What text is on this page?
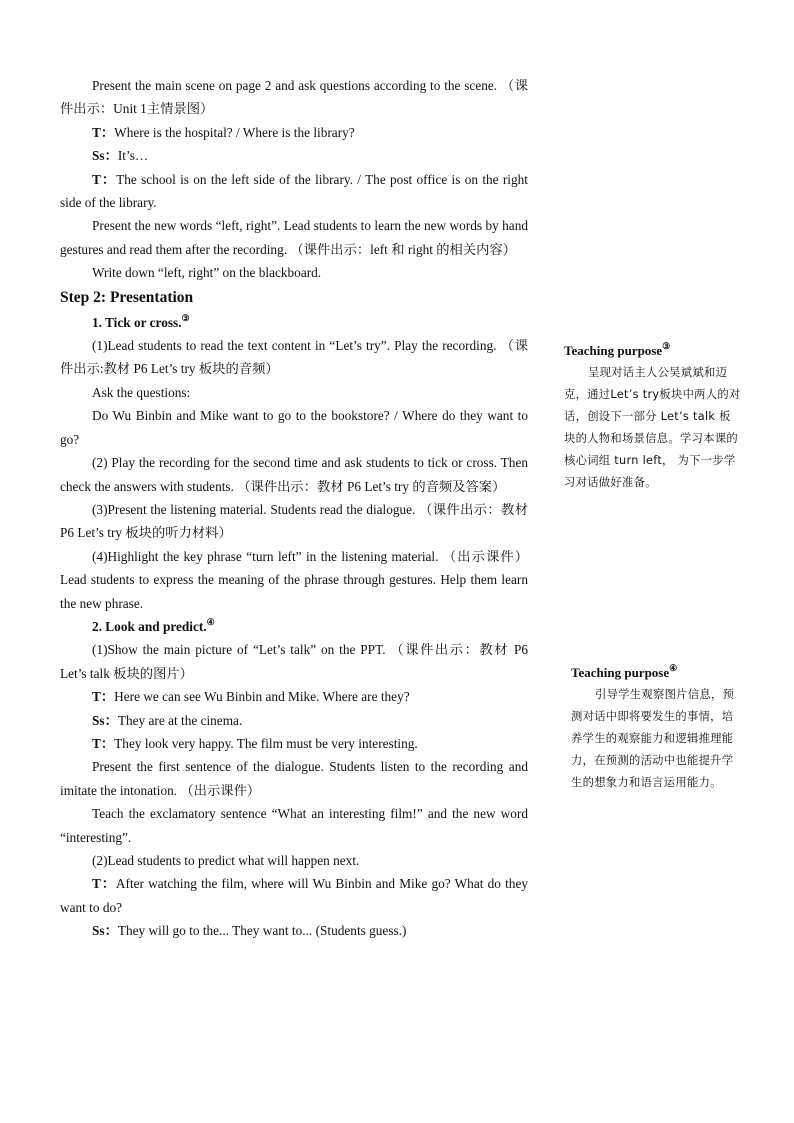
Present the main scene on page 2 and ask questions according to the scene. （课件出示：Unit 1主情景图）

T：Where is the hospital? / Where is the library?

Ss：It’s…

T：The school is on the left side of the library. / The post office is on the right side of the library.

Present the new words “left, right”. Lead students to learn the new words by hand gestures and read them after the recording. （课件出示：left 和 right 的相关内容）

Write down “left, right” on the blackboard.

Step 2: Presentation

1. Tick or cross.③

(1)Lead students to read the text content in “Let’s try”. Play the recording. （课件出示:教材 P6 Let’s try 板块的音频）

Ask the questions:

Do Wu Binbin and Mike want to go to the bookstore? / Where do they want to go?

(2) Play the recording for the second time and ask students to tick or cross. Then check the answers with students. （课件出示：教材 P6 Let’s try 的音频及答案）

(3)Present the listening material. Students read the dialogue. （课件出示：教材 P6 Let’s try 板块的听力材料）

(4)Highlight the key phrase “turn left” in the listening material. （出示课件） Lead students to express the meaning of the phrase through gestures. Help them learn the new phrase.

2. Look and predict.④

(1)Show the main picture of “Let’s talk” on the PPT. （课件出示：教材 P6 Let’s talk 板块的图片）

T：Here we can see Wu Binbin and Mike. Where are they?

Ss：They are at the cinema.

T：They look very happy. The film must be very interesting.

Present the first sentence of the dialogue. Students listen to the recording and imitate the intonation. （出示课件）

Teach the exclamatory sentence “What an interesting film!” and the new word “interesting”.

(2)Lead students to predict what will happen next.

T：After watching the film, where will Wu Binbin and Mike go? What do they want to do?

Ss：They will go to the... They want to... (Students guess.)

Teaching purpose③

呈现对话主人公吴斌斌和迈克，通过Let’s try板块中两人的对话，创设下一部分 Let’s talk 板块的人物和场景信息。学习本课的核心词组 turn left， 为下一步学习对话做好准备。

Teaching purpose④

引导学生观察图片信息，预测对话中即将要发生的事情，培养学生的观察能力和逻辑推理能力，在预测的活动中也能提升学生的想象力和语言运用能力。
